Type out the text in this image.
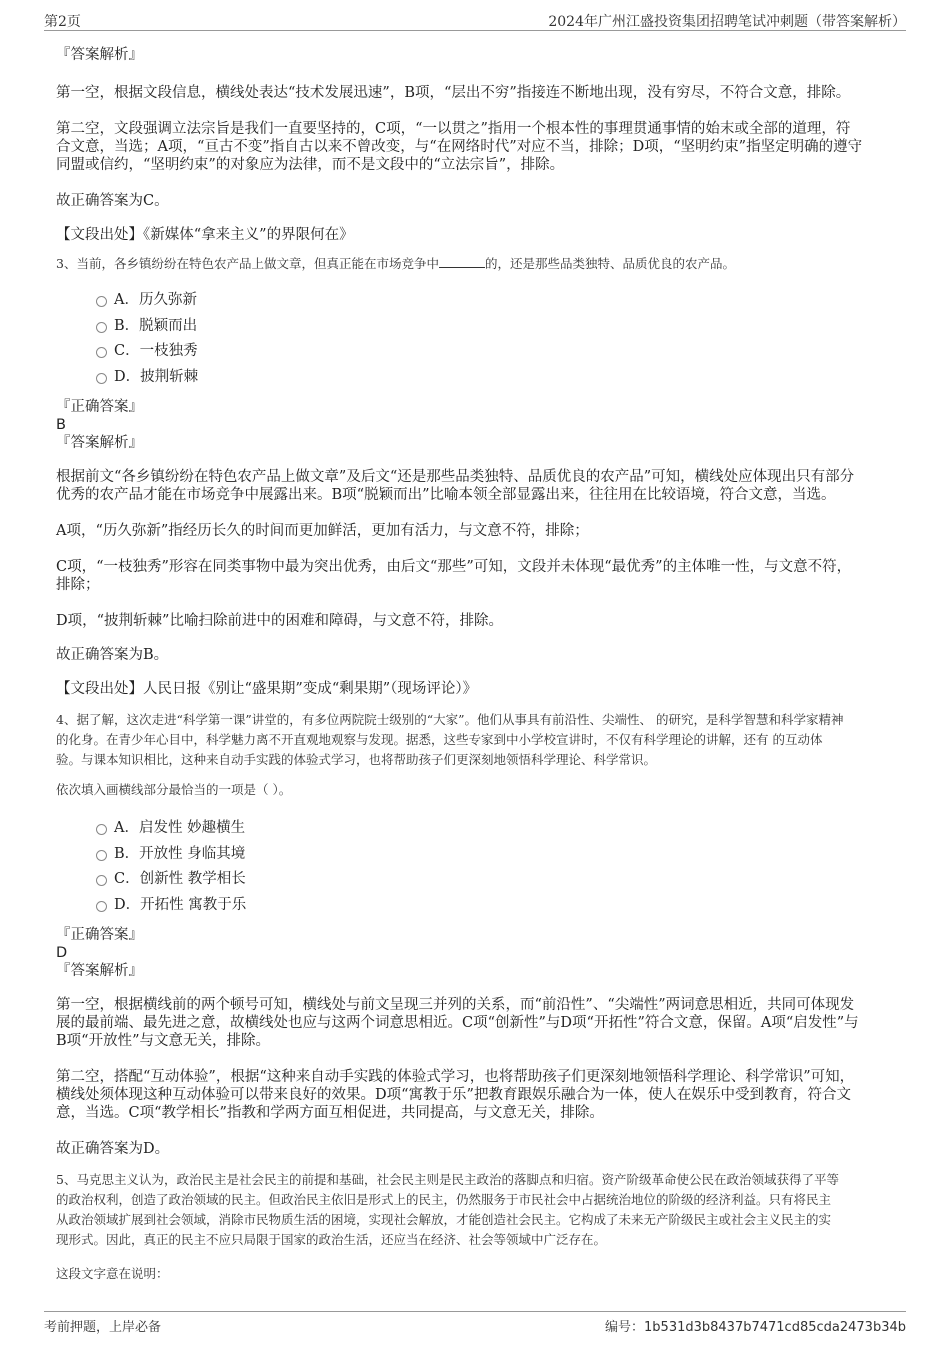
第2页	2024年广州江盛投资集团招聘笔试冲刺题（带答案解析）
『答案解析』
第一空，根据文段信息，横线处表达“技术发展迅速”，B项，“层出不穷”指接连不断地出现，没有穷尽，不符合文意，排除。
第二空，文段强调立法宗旨是我们一直要坚持的，C项，“一以贯之”指用一个根本性的事理贯通事情的始末或全部的道理，符
合文意，当选；A项，“亘古不变”指自古以来不曾改变，与“在网络时代”对应不当，排除；D项，“坚明约束”指坚定明确的遵守
同盟或信约，“坚明约束”的对象应为法律，而不是文段中的“立法宗旨”，排除。
故正确答案为C。
【文段出处】《新媒体“拿来主义”的界限何在》
3、当前，各乡镇纷纷在特色农产品上做文章，但真正能在市场竞争中	的，还是那些品类独特、品质优良的农产品。
A．历久弥新
B．脱颖而出
C．一枝独秀
D．披荆斩棘
『正确答案』
B
『答案解析』
根据前文“各乡镇纷纷在特色农产品上做文章”及后文“还是那些品类独特、品质优良的农产品”可知，横线处应体现出只有部分
优秀的农产品才能在市场竞争中展露出来。B项“脱颖而出”比喻本领全部显露出来，往往用在比较语境，符合文意，当选。
A项，“历久弥新”指经历长久的时间而更加鲜活，更加有活力，与文意不符，排除；
C项，“一枝独秀”形容在同类事物中最为突出优秀，由后文“那些”可知，文段并未体现“最优秀”的主体唯一性，与文意不符，
排除；
D项，“披荆斩棘”比喻扫除前进中的困难和障碍，与文意不符，排除。
故正确答案为B。
【文段出处】人民日报《别让“盛果期”变成“剩果期”（现场评论）》
4、据了解，这次走进“科学第一课”讲堂的，有多位两院院士级别的“大家”。他们从事具有前沿性、尖端性、 的研究，是科学智慧和科学家精神
的化身。在青少年心目中，科学魅力离不开直观地观察与发现。据悉，这些专家到中小学校宣讲时，不仅有科学理论的讲解，还有 的互动体
验。与课本知识相比，这种来自动手实践的体验式学习，也将帮助孩子们更深刻地领悟科学理论、科学常识。
依次填入画横线部分最恰当的一项是（ ）。
A．启发性 妙趣横生
B．开放性 身临其境
C．创新性 教学相长
D．开拓性 寓教于乐
『正确答案』
D
『答案解析』
第一空，根据横线前的两个顿号可知，横线处与前文呈现三并列的关系，而“前沿性”、“尖端性”两词意思相近，共同可体现发
展的最前端、最先进之意，故横线处也应与这两个词意思相近。C项“创新性”与D项“开拓性”符合文意，保留。A项“启发性”与
B项“开放性”与文意无关，排除。
第二空，搭配“互动体验”，根据“这种来自动手实践的体验式学习，也将帮助孩子们更深刻地领悟科学理论、科学常识”可知，
横线处须体现这种互动体验可以带来良好的效果。D项“寓教于乐”把教育跟娱乐融合为一体，使人在娱乐中受到教育，符合文
意，当选。C项“教学相长”指教和学两方面互相促进，共同提高，与文意无关，排除。
故正确答案为D。
5、马克思主义认为，政治民主是社会民主的前提和基础，社会民主则是民主政治的落脚点和归宿。资产阶级革命使公民在政治领域获得了平等
的政治权利，创造了政治领域的民主。但政治民主依旧是形式上的民主，仍然服务于市民社会中占据统治地位的阶级的经济利益。只有将民主
从政治领域扩展到社会领域，消除市民物质生活的困境，实现社会解放，才能创造社会民主。它构成了未来无产阶级民主或社会主义民主的实
现形式。因此，真正的民主不应只局限于国家的政治生活，还应当在经济、社会等领域中广泛存在。
这段文字意在说明：
考前押题，上岸必备	编号：1b531d3b8437b7471cd85cda2473b34b
